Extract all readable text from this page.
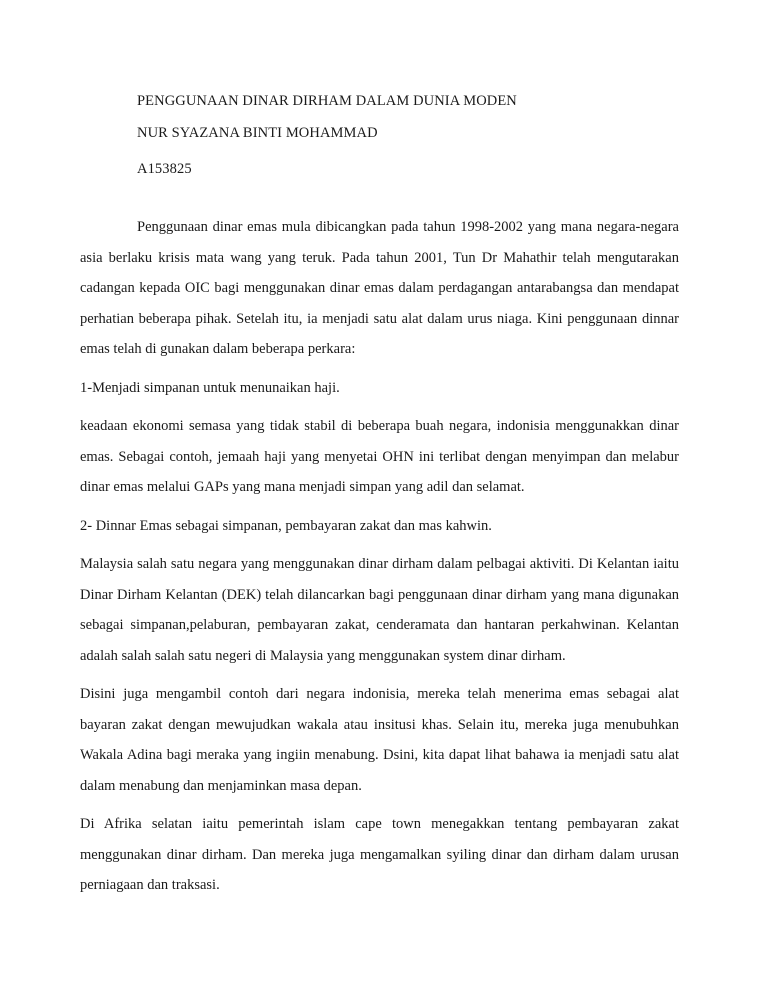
PENGGUNAAN DINAR DIRHAM DALAM DUNIA MODEN
NUR SYAZANA BINTI MOHAMMAD
A153825

Penggunaan dinar emas mula dibicangkan pada tahun 1998-2002 yang mana negara-negara asia berlaku krisis mata wang yang teruk. Pada tahun 2001, Tun Dr Mahathir telah mengutarakan cadangan kepada OIC bagi menggunakan dinar emas dalam perdagangan antarabangsa dan mendapat perhatian beberapa pihak. Setelah itu, ia menjadi satu alat dalam urus niaga. Kini penggunaan dinnar emas telah di gunakan dalam beberapa perkara:

1-Menjadi simpanan untuk menunaikan haji.

keadaan ekonomi semasa yang tidak stabil di beberapa buah negara, indonisia menggunakkan dinar emas. Sebagai contoh, jemaah haji yang menyetai OHN ini terlibat dengan menyimpan dan melabur dinar emas melalui GAPs yang mana menjadi simpan yang adil dan selamat.

2- Dinnar Emas sebagai simpanan, pembayaran zakat dan mas kahwin.

Malaysia salah satu negara yang menggunakan dinar dirham dalam pelbagai aktiviti. Di Kelantan iaitu Dinar Dirham Kelantan (DEK) telah dilancarkan bagi penggunaan dinar dirham yang mana digunakan sebagai simpanan,pelaburan, pembayaran zakat, cenderamata dan hantaran perkahwinan. Kelantan adalah salah salah satu negeri di Malaysia yang menggunakan system dinar dirham.

Disini juga mengambil contoh dari negara indonisia, mereka telah menerima emas sebagai alat bayaran zakat dengan mewujudkan wakala atau insitusi khas. Selain itu, mereka juga menubuhkan Wakala Adina bagi meraka yang ingiin menabung. Dsini, kita dapat lihat bahawa ia menjadi satu alat dalam menabung dan menjaminkan masa depan.

Di Afrika selatan iaitu pemerintah islam cape town menegakkan tentang pembayaran zakat menggunakan dinar dirham. Dan mereka juga mengamalkan syiling dinar dan dirham dalam urusan perniagaan dan traksasi.
